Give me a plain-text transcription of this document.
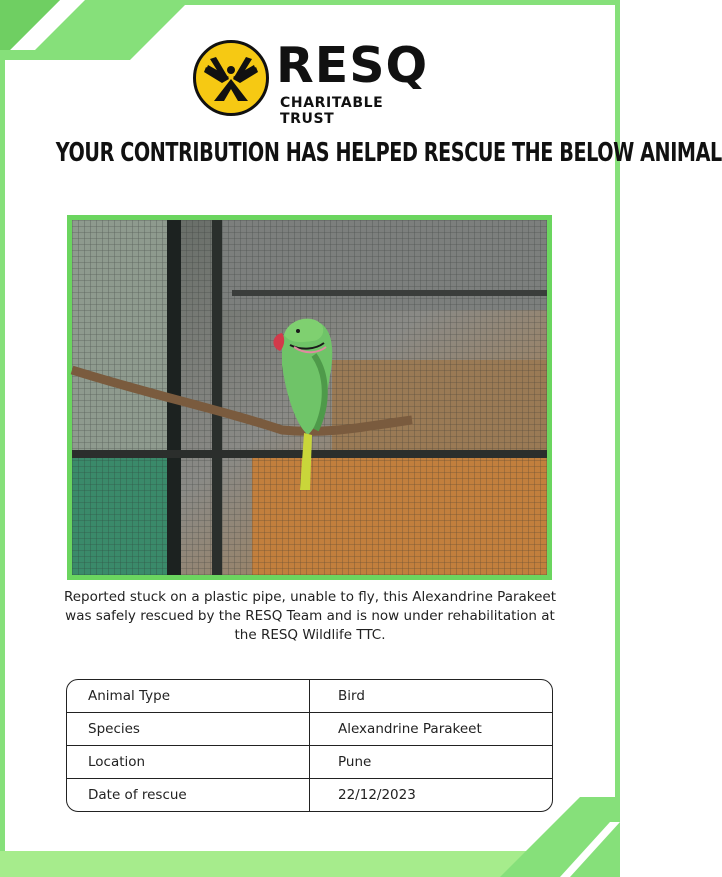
RESQ
CHARITABLE TRUST
YOUR CONTRIBUTION HAS HELPED RESCUE THE BELOW ANIMAL
Reported stuck on a plastic pipe, unable to fly, this Alexandrine Parakeet was safely rescued by the RESQ Team and is now under rehabilitation at the RESQ Wildlife TTC.
Animal Type	Bird
Species	Alexandrine Parakeet
Location	Pune
Date of rescue	22/12/2023
